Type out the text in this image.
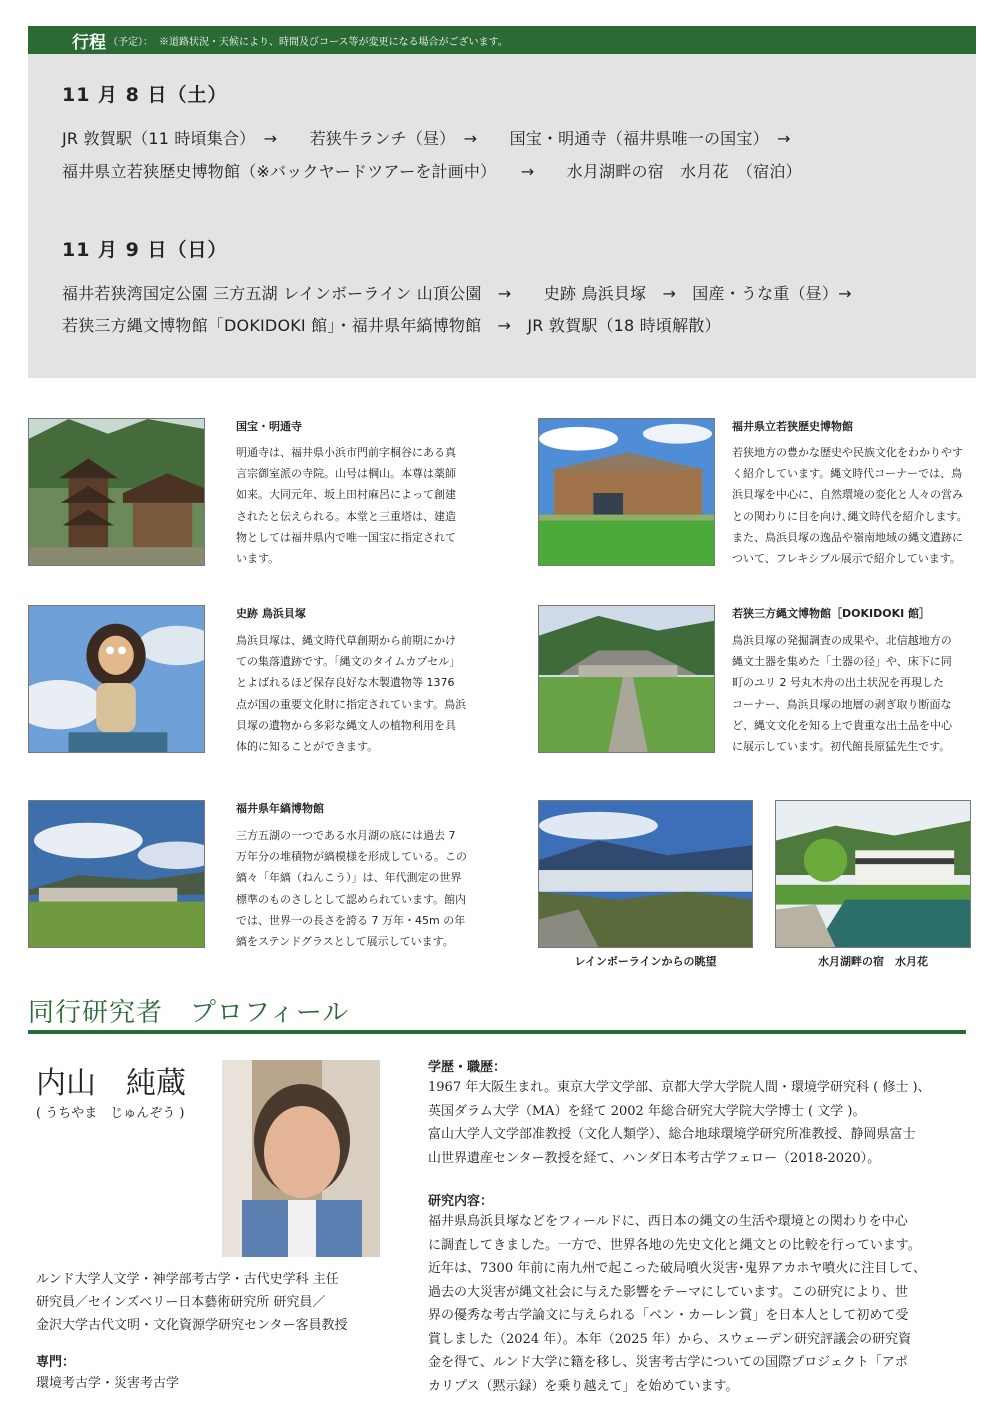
行程 （予定）： ※道路状況・天候により、時間及びコース等が変更になる場合がございます。
11 月 8 日（土）
JR 敦賀駅（11 時頃集合）　→　　若狭牛ランチ（昼）　→　　国宝・明通寺（福井県唯一の国宝）　→
福井県立若狭歴史博物館（※バックヤードツアーを計画中）　　→　　水月湖畔の宿　水月花　（宿泊）
11 月 9 日（日）
福井若狭湾国定公園 三方五湖 レインボーライン 山頂公園　→　　史跡 鳥浜貝塚　→　国産・うな重（昼）→
若狭三方縄文博物館「DOKIDOKI 館」・福井県年縞博物館　→　JR 敦賀駅（18 時頃解散）
国宝・明通寺
明通寺は、福井県小浜市門前字桐谷にある真
言宗御室派の寺院。山号は棡山。本尊は薬師
如来。大同元年、坂上田村麻呂によって創建
されたと伝えられる。本堂と三重塔は、建造
物としては福井県内で唯一国宝に指定されて
います。
福井県立若狭歴史博物館
若狭地方の豊かな歴史や民族文化をわかりやす
く紹介しています。縄文時代コーナーでは、鳥
浜貝塚を中心に、自然環境の変化と人々の営み
との関わりに目を向け､縄文時代を紹介します。
また、鳥浜貝塚の逸品や嶺南地域の縄文遺跡に
ついて、フレキシブル展示で紹介しています。
史跡 鳥浜貝塚
鳥浜貝塚は、縄文時代草創期から前期にかけ
ての集落遺跡です。「縄文のタイムカプセル」
とよばれるほど保存良好な木製遺物等 1376
点が国の重要文化財に指定されています。鳥浜
貝塚の遺物から多彩な縄文人の植物利用を具
体的に知ることができます。
若狭三方縄文博物館［DOKIDOKI 館］
鳥浜貝塚の発掘調査の成果や、北信越地方の
縄文土器を集めた「土器の径」や、床下に同
町のユリ 2 号丸木舟の出土状況を再現した
コーナー、鳥浜貝塚の地層の剥ぎ取り断面な
ど、縄文文化を知る上で貴重な出土品を中心
に展示しています。初代館長原猛先生です。
福井県年縞博物館
三方五湖の一つである水月湖の底には過去 7
万年分の堆積物が縞模様を形成している。この
縞々「年縞（ねんこう）」は、年代測定の世界
標準のものさしとして認められています。館内
では、世界一の長さを誇る 7 万年・45m の年
縞をステンドグラスとして展示しています。
レインボーラインからの眺望	水月湖畔の宿　水月花
同行研究者　プロフィール
内山　純蔵
( うちやま　じゅんぞう )
ルンド大学人文学・神学部考古学・古代史学科 主任
研究員／セインズベリー日本藝術研究所 研究員／
金沢大学古代文明・文化資源学研究センター客員教授
専門：
環境考古学・災害考古学
学歴・職歴：
1967 年大阪生まれ。東京大学文学部、京都大学大学院人間・環境学研究科 ( 修士 )、
英国ダラム大学（MA）を経て 2002 年総合研究大学院大学博士 ( 文学 )。
富山大学人文学部准教授（文化人類学）、総合地球環境学研究所准教授、静岡県富士
山世界遺産センター教授を経て、ハンダ日本考古学フェロー（2018-2020）。
研究内容：
福井県鳥浜貝塚などをフィールドに、西日本の縄文の生活や環境との関わりを中心
に調査してきました。一方で、世界各地の先史文化と縄文との比較を行っています。
近年は、7300 年前に南九州で起こった破局噴火災害･鬼界アカホヤ噴火に注目して、
過去の大災害が縄文社会に与えた影響をテーマにしています。この研究により、世
界の優秀な考古学論文に与えられる「ベン・カーレン賞」を日本人として初めて受
賞しました（2024 年）。本年（2025 年）から、スウェーデン研究評議会の研究資
金を得て、ルンド大学に籍を移し、災害考古学についての国際プロジェクト「アポ
カリプス（黙示録）を乗り越えて」を始めています。
